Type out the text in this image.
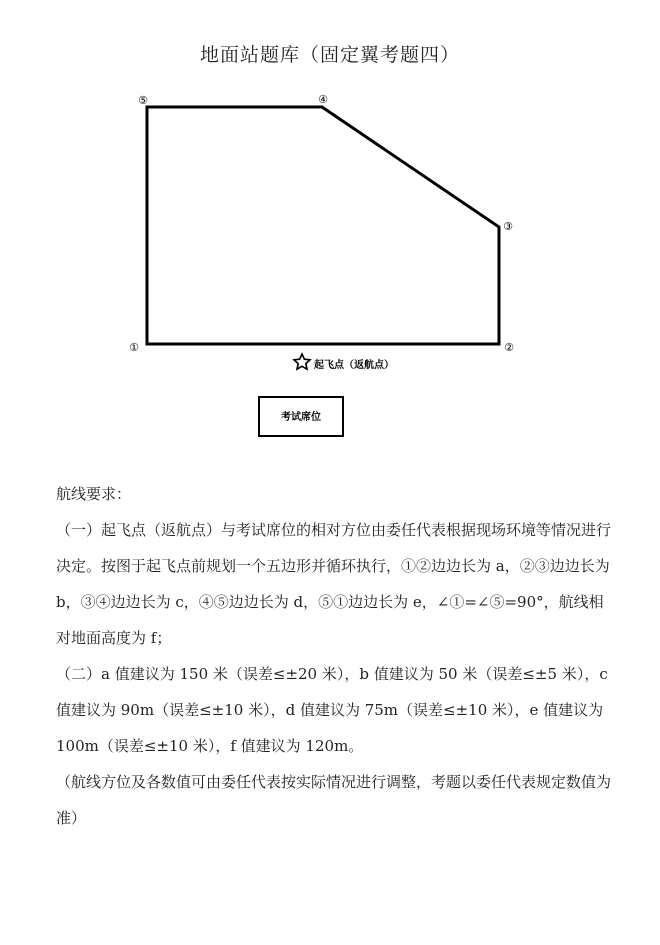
地面站题库（固定翼考题四）
①	②
③
④
⑤
起飞点（返航点）
考试席位

航线要求：

（一）起飞点（返航点）与考试席位的相对方位由委任代表根据现场环境等情况进行决定。按图于起飞点前规划一个五边形并循环执行，①②边边长为 a，②③边边长为 b，③④边边长为 c，④⑤边边长为 d，⑤①边边长为 e，∠①=∠⑤=90°，航线相对地面高度为 f；

（二）a 值建议为 150 米（误差≤±20 米），b 值建议为 50 米（误差≤±5 米），c 值建议为 90m（误差≤±10 米），d 值建议为 75m（误差≤±10 米），e 值建议为 100m（误差≤±10 米），f 值建议为 120m。

（航线方位及各数值可由委任代表按实际情况进行调整，考题以委任代表规定数值为准）
